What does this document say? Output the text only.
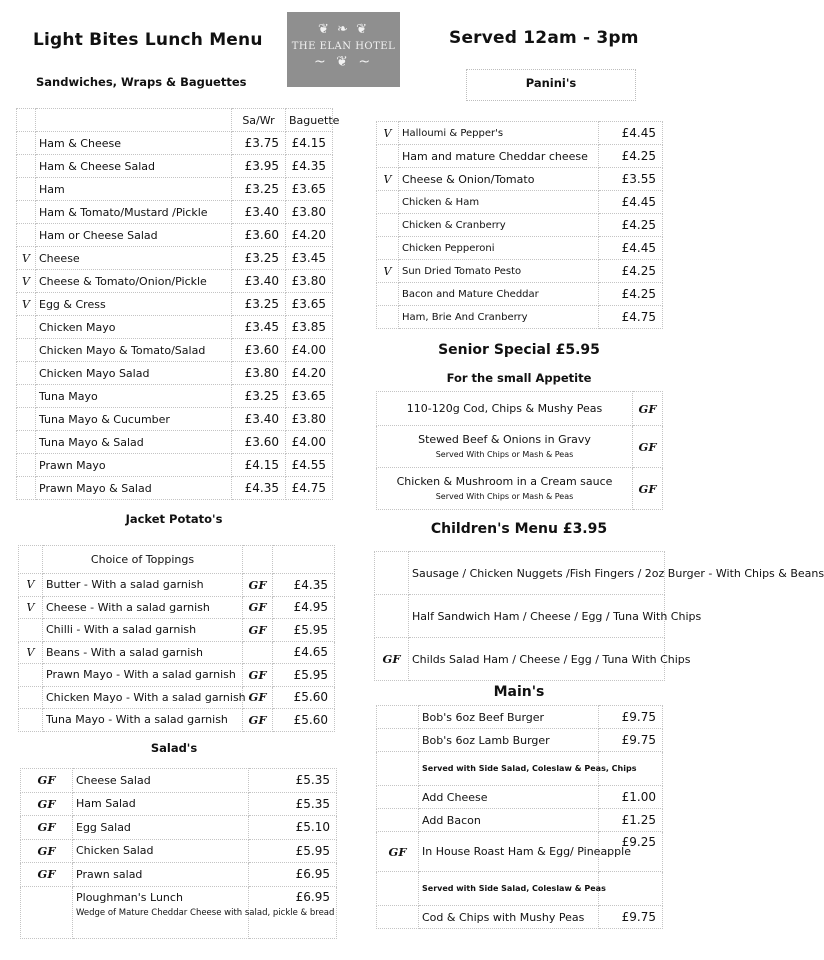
Light Bites Lunch Menu
❦ ❧ ❦
THE ELAN HOTEL
~ ❦ ~
Served 12am - 3pm
Sandwiches, Wraps & Baguettes
		Sa/Wr	Baguette
	Ham & Cheese	£3.75	£4.15
	Ham & Cheese Salad	£3.95	£4.35
	Ham	£3.25	£3.65
	Ham & Tomato/Mustard /Pickle	£3.40	£3.80
	Ham or Cheese Salad	£3.60	£4.20
V	Cheese	£3.25	£3.45
V	Cheese & Tomato/Onion/Pickle	£3.40	£3.80
V	Egg & Cress	£3.25	£3.65
	Chicken Mayo	£3.45	£3.85
	Chicken Mayo & Tomato/Salad	£3.60	£4.00
	Chicken Mayo Salad	£3.80	£4.20
	Tuna Mayo	£3.25	£3.65
	Tuna Mayo & Cucumber	£3.40	£3.80
	Tuna Mayo & Salad	£3.60	£4.00
	Prawn Mayo	£4.15	£4.55
	Prawn Mayo & Salad	£4.35	£4.75
Jacket Potato's
	Choice of Toppings		
V	Butter - With a salad garnish	GF	£4.35
V	Cheese - With a salad garnish	GF	£4.95
	Chilli - With a salad garnish	GF	£5.95
V	Beans - With a salad garnish		£4.65
	Prawn Mayo - With a salad garnish	GF	£5.95
	Chicken Mayo - With a salad garnish	GF	£5.60
	Tuna Mayo - With a salad garnish	GF	£5.60
Salad's
GF	Cheese Salad	£5.35
GF	Ham Salad	£5.35
GF	Egg Salad	£5.10
GF	Chicken Salad	£5.95
GF	Prawn salad	£6.95

	Ploughman's Lunch
Wedge of Mature Cheddar Cheese with salad, pickle & bread	£6.95
Panini's
V	Halloumi & Pepper's	£4.45
	Ham and mature Cheddar cheese	£4.25
V	Cheese & Onion/Tomato	£3.55
	Chicken & Ham	£4.45
	Chicken & Cranberry	£4.25
	Chicken Pepperoni	£4.45
V	Sun Dried Tomato Pesto	£4.25
	Bacon and Mature Cheddar	£4.25
	Ham, Brie And Cranberry	£4.75
Senior Special £5.95
For the small Appetite
110-120g Cod, Chips & Mushy Peas	GF

Stewed Beef & Onions in Gravy
Served With Chips or Mash & Peas	GF

Chicken & Mushroom in a Cream sauce
Served With Chips or Mash & Peas	GF
Children's Menu £3.95
	Sausage / Chicken Nuggets /Fish Fingers / 2oz Burger - With Chips & Beans
	Half Sandwich Ham / Cheese / Egg / Tuna With Chips
GF	Childs Salad Ham / Cheese / Egg / Tuna With Chips
Main's
	Bob's 6oz Beef Burger	£9.75
	Bob's 6oz Lamb Burger	£9.75
	Served with Side Salad, Coleslaw & Peas, Chips	
	Add Cheese	£1.00
	Add Bacon	£1.25
GF	In House Roast Ham & Egg/ Pineapple	£9.25
	Served with Side Salad, Coleslaw & Peas	
	Cod & Chips with Mushy Peas	£9.75
